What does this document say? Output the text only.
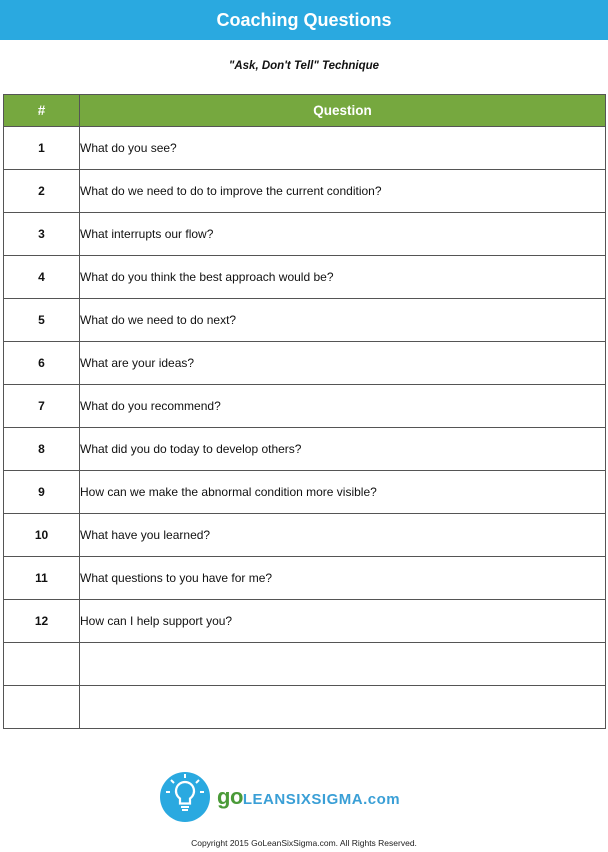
Coaching Questions
"Ask, Don't Tell" Technique
#	Question
1	What do you see?
2	What do we need to do to improve the current condition?
3	What interrupts our flow?
4	What do you think the best approach would be?
5	What do we need to do next?
6	What are your ideas?
7	What do you recommend?
8	What did you do today to develop others?
9	How can we make the abnormal condition more visible?
10	What have you learned?
11	What questions to you have for me?
12	How can I help support you?

goLEANSIXSIGMA.com
Copyright 2015 GoLeanSixSigma.com. All Rights Reserved.
